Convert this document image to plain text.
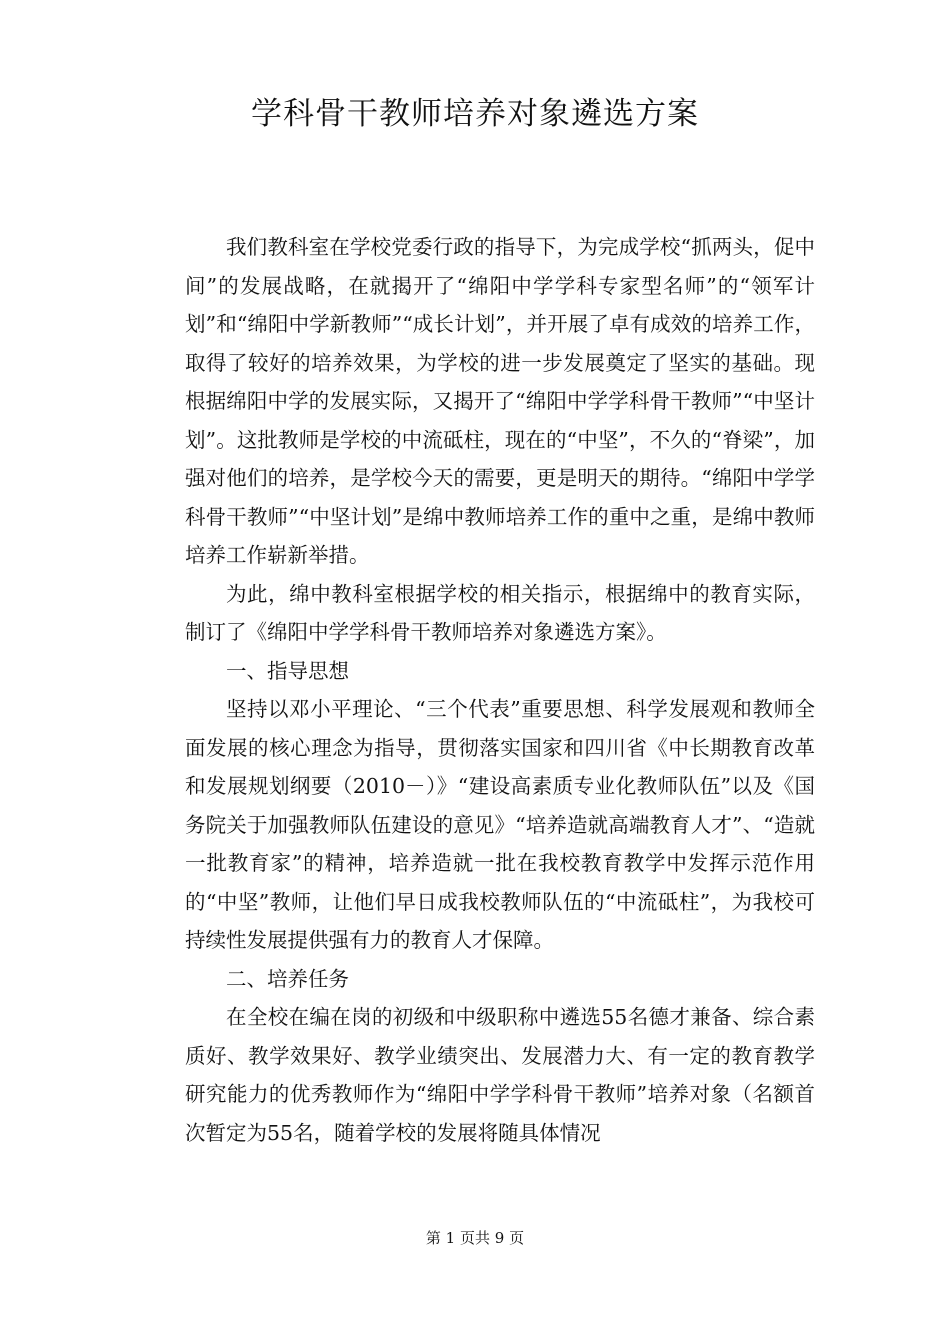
学科骨干教师培养对象遴选方案

我们教科室在学校党委行政的指导下，为完成学校“抓两头，促中间”的发展战略，在就揭开了“绵阳中学学科专家型名师”的“领军计划”和“绵阳中学新教师”“成长计划”，并开展了卓有成效的培养工作，取得了较好的培养效果，为学校的进一步发展奠定了坚实的基础。现根据绵阳中学的发展实际，又揭开了“绵阳中学学科骨干教师”“中坚计划”。这批教师是学校的中流砥柱，现在的“中坚”，不久的“脊梁”，加强对他们的培养，是学校今天的需要，更是明天的期待。“绵阳中学学科骨干教师”“中坚计划”是绵中教师培养工作的重中之重，是绵中教师培养工作崭新举措。

为此，绵中教科室根据学校的相关指示，根据绵中的教育实际，制订了《绵阳中学学科骨干教师培养对象遴选方案》。

一、指导思想

坚持以邓小平理论、“三个代表”重要思想、科学发展观和教师全面发展的核心理念为指导，贯彻落实国家和四川省《中长期教育改革和发展规划纲要（2010－）》“建设高素质专业化教师队伍”以及《国务院关于加强教师队伍建设的意见》“培养造就高端教育人才”、“造就一批教育家”的精神，培养造就一批在我校教育教学中发挥示范作用的“中坚”教师，让他们早日成我校教师队伍的“中流砥柱”，为我校可持续性发展提供强有力的教育人才保障。

二、培养任务

在全校在编在岗的初级和中级职称中遴选55名德才兼备、综合素质好、教学效果好、教学业绩突出、发展潜力大、有一定的教育教学研究能力的优秀教师作为“绵阳中学学科骨干教师”培养对象（名额首次暂定为55名，随着学校的发展将随具体情况

第 1 页共 9 页
